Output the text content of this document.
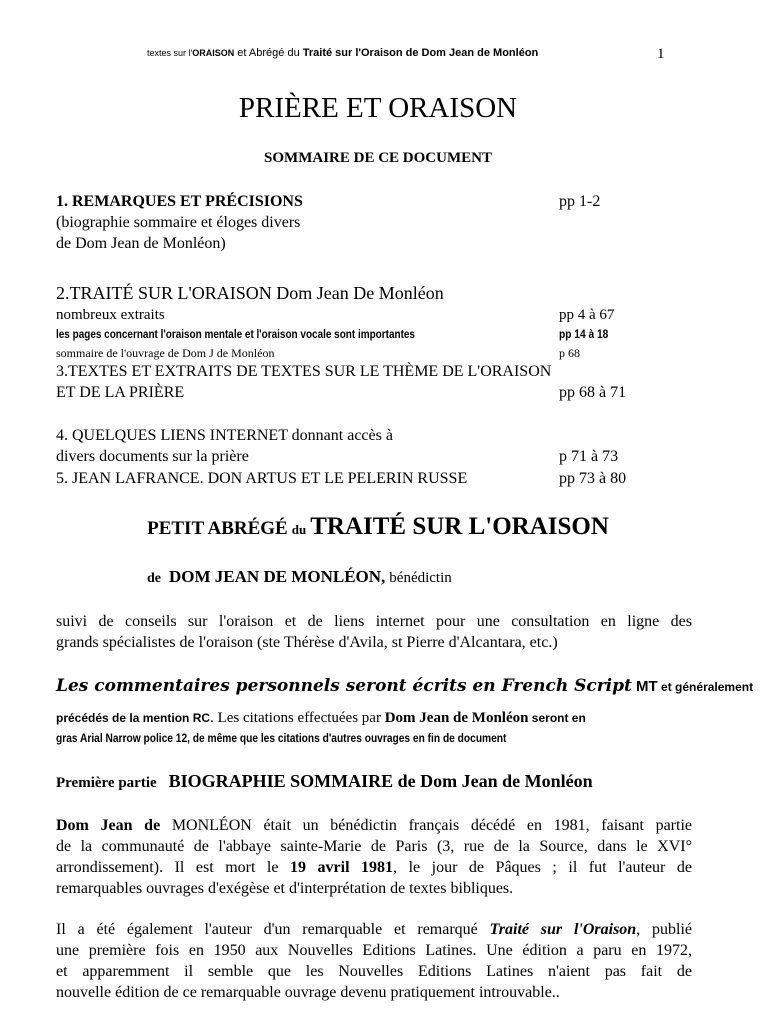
textes sur l'ORAISON et Abrégé du Traité sur l'Oraison de Dom Jean de Monléon	1
PRIÈRE ET ORAISON
SOMMAIRE DE CE DOCUMENT
1. REMARQUES ET PRÉCISIONS	pp 1-2
(biographie sommaire et éloges divers
de Dom Jean de Monléon)
2.TRAITÉ SUR L'ORAISON Dom Jean De Monléon
nombreux extraits	pp 4 à 67
les pages concernant l'oraison mentale et l'oraison vocale sont importantes	pp 14 à 18
sommaire de l'ouvrage de Dom J de Monléon	p 68
3.TEXTES ET EXTRAITS DE TEXTES SUR LE THÈME DE L'ORAISON
ET DE LA PRIÈRE	pp 68 à 71
4. QUELQUES LIENS INTERNET donnant accès à
divers documents sur la prière	p 71 à 73
5. JEAN LAFRANCE. DON ARTUS ET LE PELERIN RUSSE	pp 73 à 80
PETIT ABRÉGÉ du TRAITÉ SUR L'ORAISON
de DOM JEAN DE MONLÉON, bénédictin
suivi de conseils sur l'oraison et de liens internet pour une consultation en ligne des
grands spécialistes de l'oraison (ste Thérèse d'Avila, st Pierre d'Alcantara, etc.)
Les commentaires personnels seront écrits en French Script MT et généralement
précédés de la mention RC. Les citations effectuées par Dom Jean de Monléon seront en
gras Arial Narrow police 12, de même que les citations d'autres ouvrages en fin de document
Première partie BIOGRAPHIE SOMMAIRE de Dom Jean de Monléon
Dom Jean de MONLÉON était un bénédictin français décédé en 1981, faisant partie
de la communauté de l'abbaye sainte-Marie de Paris (3, rue de la Source, dans le XVI°
arrondissement). Il est mort le 19 avril 1981, le jour de Pâques ; il fut l'auteur de
remarquables ouvrages d'exégèse et d'interprétation de textes bibliques.
Il a été également l'auteur d'un remarquable et remarqué Traité sur l'Oraison, publié
une première fois en 1950 aux Nouvelles Editions Latines. Une édition a paru en 1972,
et apparemment il semble que les Nouvelles Editions Latines n'aient pas fait de
nouvelle édition de ce remarquable ouvrage devenu pratiquement introuvable..
